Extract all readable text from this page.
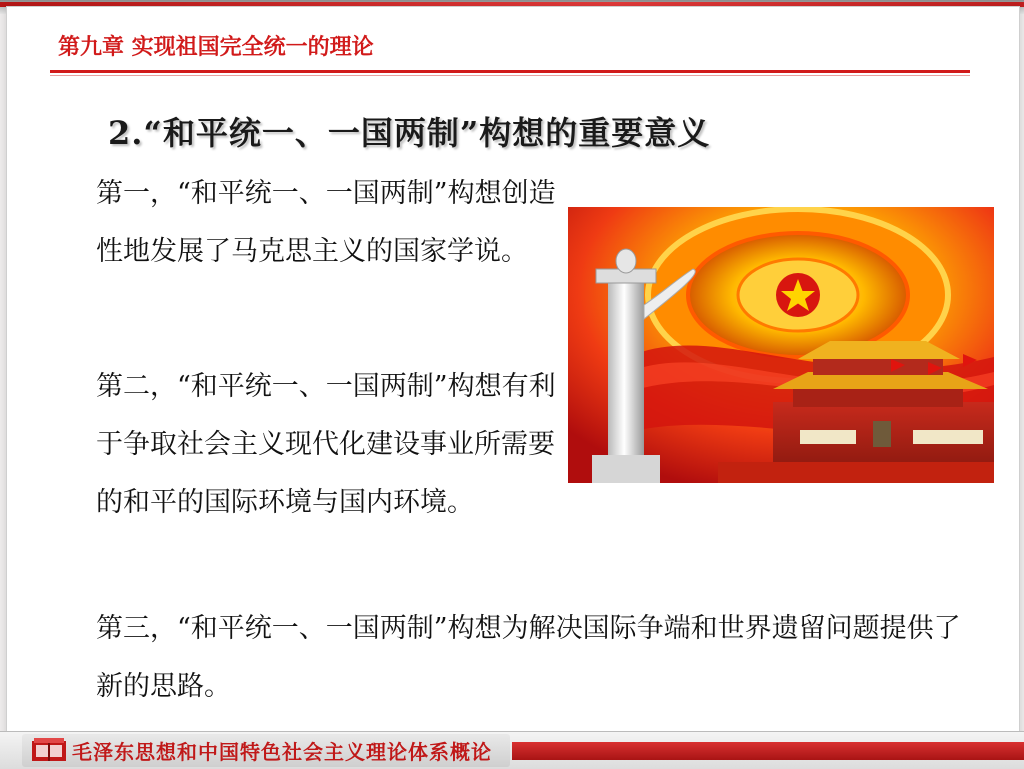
第九章 实现祖国完全统一的理论
2.“和平统一、一国两制”构想的重要意义
第一，“和平统一、一国两制”构想创造性地发展了马克思主义的国家学说。
第二，“和平统一、一国两制”构想有利于争取社会主义现代化建设事业所需要的和平的国际环境与国内环境。
第三，“和平统一、一国两制”构想为解决国际争端和世界遗留问题提供了新的思路。
毛泽东思想和中国特色社会主义理论体系概论
